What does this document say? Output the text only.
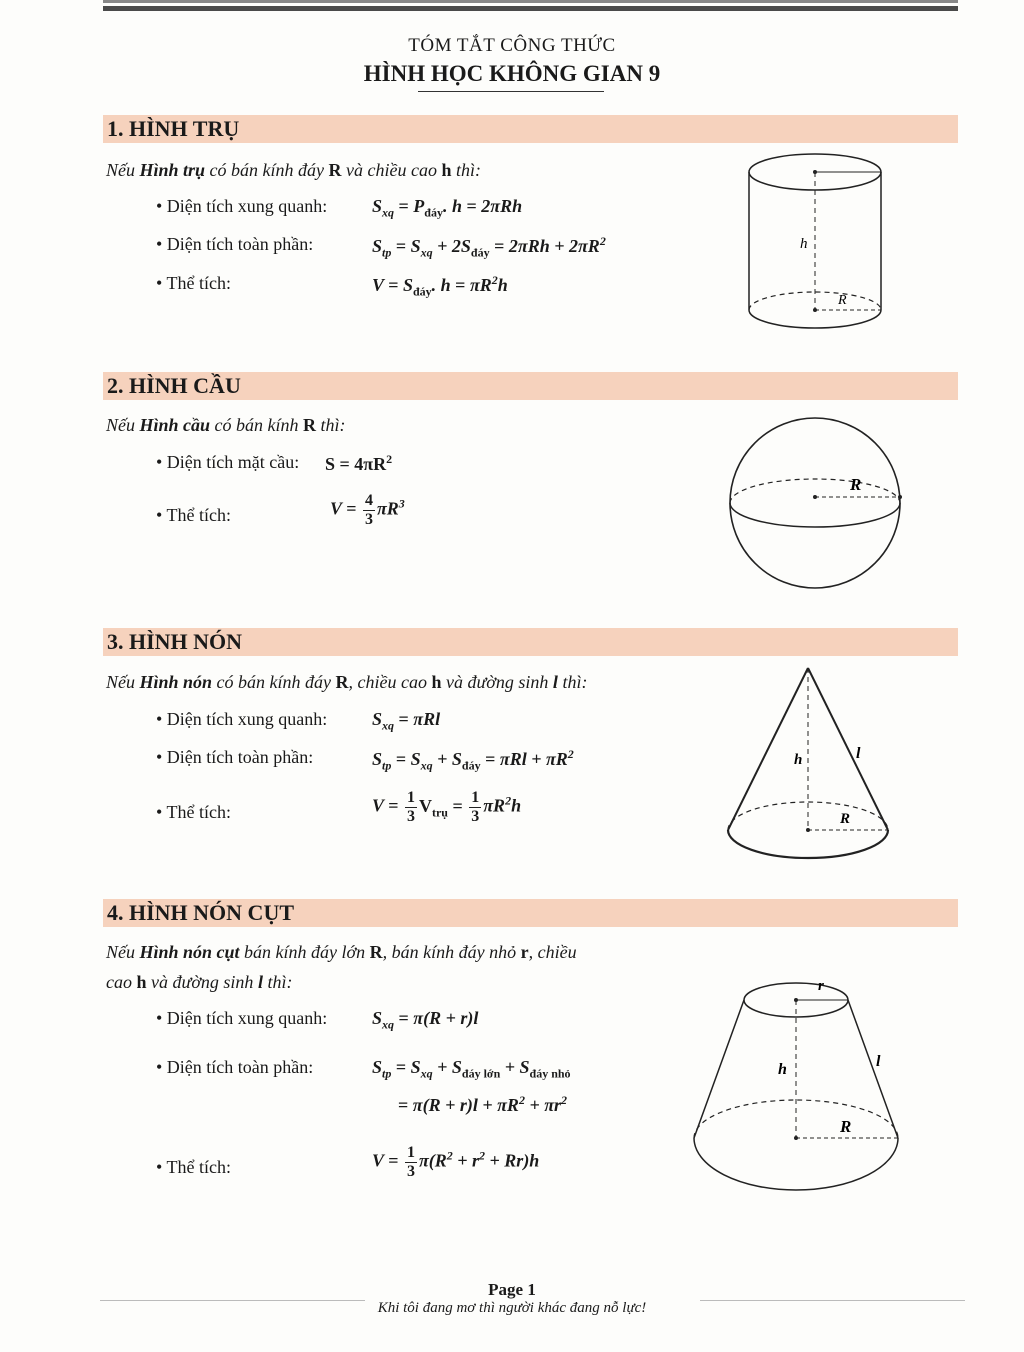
TÓM TẮT CÔNG THỨC
HÌNH HỌC KHÔNG GIAN 9
1. HÌNH TRỤ
Nếu Hình trụ có bán kính đáy R và chiều cao h thì:
• Diện tích xung quanh: $S_{xq} = P_{đáy}$. h = 2πRh
• Diện tích toàn phần:	$S_{tp} = S_{xq} + 2S_{đáy} = 2\pi Rh + 2\pi R^2$
• Thể tích:	$V = S_{đáy}$. $h = \pi R^2h$
h
R
2. HÌNH CẦU
Nếu Hình cầu có bán kính R thì:
• Diện tích mặt cầu: $S = 4\pi R^2$
• Thể tích:	$V = \frac{4}{3} \pi R^3$
R
3. HÌNH NÓN
Nếu Hình nón có bán kính đáy R, chiều cao h và đường sinh l thì:
• Diện tích xung quanh: $S_{xq} = \pi Rl$
• Diện tích toàn phần:	$S_{tp} = S_{xq} + S_{đáy} = \pi Rl + \pi R^2$
• Thể tích:	$V = \frac{1}{3} V_{trụ} = \frac{1}{3} \pi R^2h$
h	l
R
4. HÌNH NÓN CỤT
Nếu Hình nón cụt bán kính đáy lớn R, bán kính đáy nhỏ r, chiều
cao h và đường sinh l thì:
• Diện tích xung quanh: $S_{xq} = \pi(R + r)l$
• Diện tích toàn phần:	$S_{tp} = S_{xq} + S_{đáy lớn} + S_{đáy nhỏ}$
= $\pi(R + r)l + \pi R^2 + \pi r^2$
• Thể tích:	$V = \frac{1}{3} \pi(R^2 + r^2 + Rr)h$
r
h	l
R
Page 1
Khi tôi đang mơ thì người khác đang nỗ lực!
